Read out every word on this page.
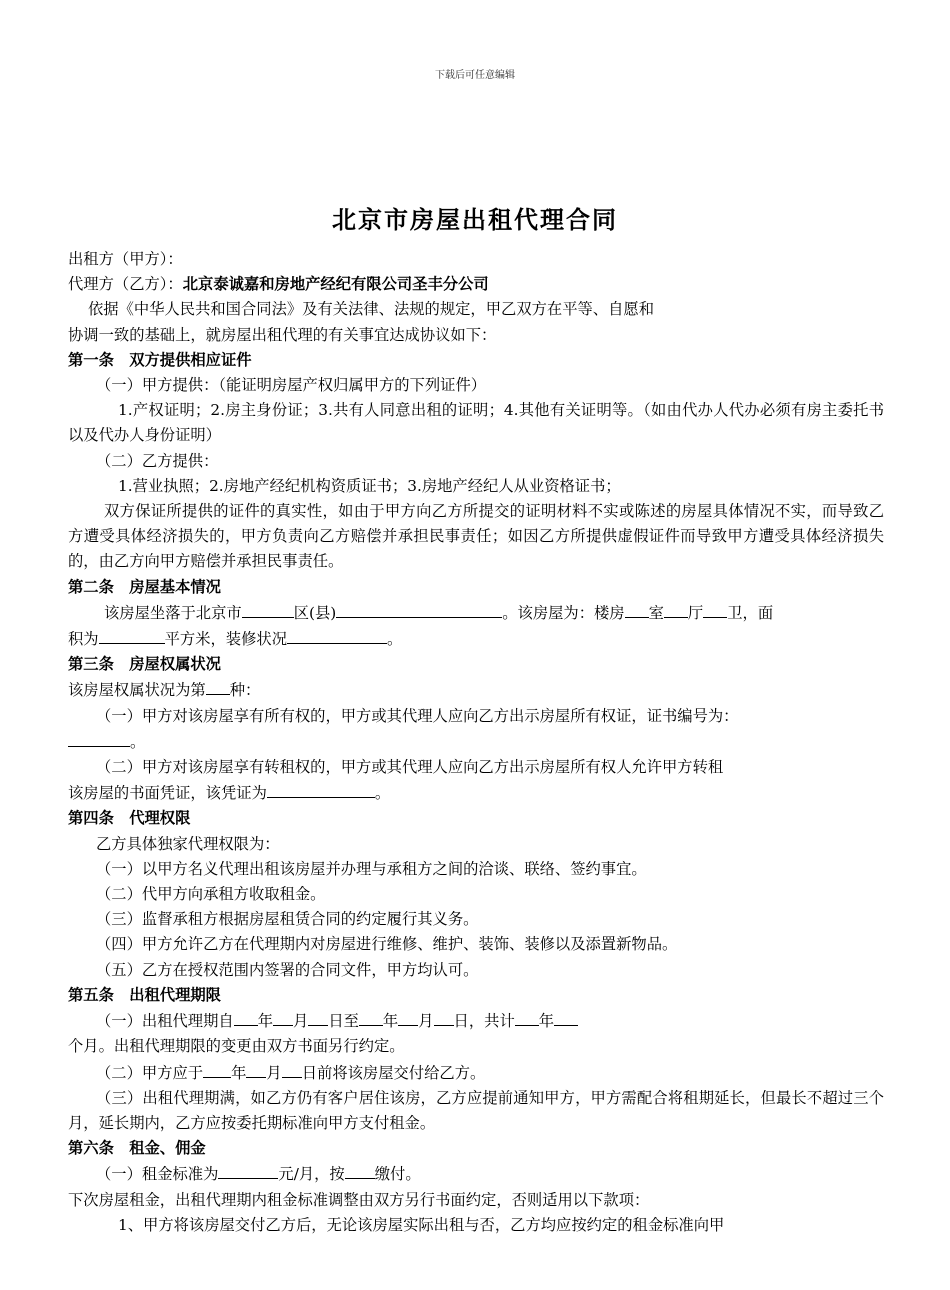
下载后可任意编辑
北京市房屋出租代理合同

出租方（甲方）：

代理方（乙方）：北京泰诚嘉和房地产经纪有限公司圣丰分公司

依据《中华人民共和国合同法》及有关法律、法规的规定，甲乙双方在平等、自愿和

协调一致的基础上，就房屋出租代理的有关事宜达成协议如下：

第一条　双方提供相应证件

（一）甲方提供：（能证明房屋产权归属甲方的下列证件）

1.产权证明；2.房主身份证；3.共有人同意出租的证明；4.其他有关证明等。（如由代办人代办必须有房主委托书以及代办人身份证明）

（二）乙方提供：

1.营业执照；2.房地产经纪机构资质证书；3.房地产经纪人从业资格证书；

双方保证所提供的证件的真实性，如由于甲方向乙方所提交的证明材料不实或陈述的房屋具体情况不实，而导致乙方遭受具体经济损失的，甲方负责向乙方赔偿并承担民事责任；如因乙方所提供虚假证件而导致甲方遭受具体经济损失的，由乙方向甲方赔偿并承担民事责任。

第二条　房屋基本情况

该房屋坐落于北京市	区(县)	。该房屋为：楼房 室 厅 卫，面

积为	平方米，装修状况	。

第三条　房屋权属状况

该房屋权属状况为第 种：

（一）甲方对该房屋享有所有权的，甲方或其代理人应向乙方出示房屋所有权证，证书编号为：

。

（二）甲方对该房屋享有转租权的，甲方或其代理人应向乙方出示房屋所有权人允许甲方转租

该房屋的书面凭证，该凭证为	。

第四条　代理权限

乙方具体独家代理权限为：

（一）以甲方名义代理出租该房屋并办理与承租方之间的洽谈、联络、签约事宜。

（二）代甲方向承租方收取租金。

（三）监督承租方根据房屋租赁合同的约定履行其义务。

（四）甲方允许乙方在代理期内对房屋进行维修、维护、装饰、装修以及添置新物品。

（五）乙方在授权范围内签署的合同文件，甲方均认可。

第五条　出租代理期限

（一）出租代理期自 年 月 日至 年 月 日，共计 年

个月。出租代理期限的变更由双方书面另行约定。

（二）甲方应于 年 月 日前将该房屋交付给乙方。

（三）出租代理期满，如乙方仍有客户居住该房，乙方应提前通知甲方，甲方需配合将租期延长，但最长不超过三个月，延长期内，乙方应按委托期标准向甲方支付租金。

第六条　租金、佣金

（一）租金标准为	元/月，按 缴付。

下次房屋租金，出租代理期内租金标准调整由双方另行书面约定，否则适用以下款项：

1、甲方将该房屋交付乙方后，无论该房屋实际出租与否，乙方均应按约定的租金标准向甲
